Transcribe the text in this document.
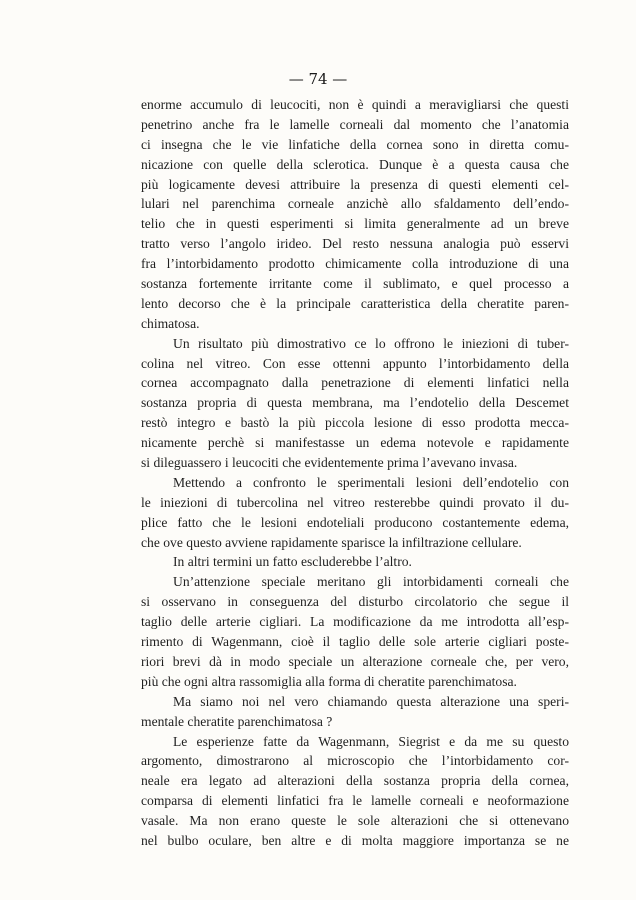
— 74 —
enorme accumulo di leucociti, non è quindi a meravigliarsi che questi
penetrino anche fra le lamelle corneali dal momento che l’anatomia
ci insegna che le vie linfatiche della cornea sono in diretta comu-
nicazione con quelle della sclerotica. Dunque è a questa causa che
più logicamente devesi attribuire la presenza di questi elementi cel-
lulari nel parenchima corneale anzichè allo sfaldamento dell’endo-
telio che in questi esperimenti si limita generalmente ad un breve
tratto verso l’angolo irideo. Del resto nessuna analogia può esservi
fra l’intorbidamento prodotto chimicamente colla introduzione di una
sostanza fortemente irritante come il sublimato, e quel processo a
lento decorso che è la principale caratteristica della cheratite paren-
chimatosa.
Un risultato più dimostrativo ce lo offrono le iniezioni di tuber-
colina nel vitreo. Con esse ottenni appunto l’intorbidamento della
cornea accompagnato dalla penetrazione di elementi linfatici nella
sostanza propria di questa membrana, ma l’endotelio della Descemet
restò integro e bastò la più piccola lesione di esso prodotta mecca-
nicamente perchè si manifestasse un edema notevole e rapidamente
si dileguassero i leucociti che evidentemente prima l’avevano invasa.
Mettendo a confronto le sperimentali lesioni dell’endotelio con
le iniezioni di tubercolina nel vitreo resterebbe quindi provato il du-
plice fatto che le lesioni endoteliali producono costantemente edema,
che ove questo avviene rapidamente sparisce la infiltrazione cellulare.
In altri termini un fatto escluderebbe l’altro.
Un’attenzione speciale meritano gli intorbidamenti corneali che
si osservano in conseguenza del disturbo circolatorio che segue il
taglio delle arterie cigliari. La modificazione da me introdotta all’esp-
rimento di Wagenmann, cioè il taglio delle sole arterie cigliari poste-
riori brevi dà in modo speciale un alterazione corneale che, per vero,
più che ogni altra rassomiglia alla forma di cheratite parenchimatosa.
Ma siamo noi nel vero chiamando questa alterazione una speri-
mentale cheratite parenchimatosa ?
Le esperienze fatte da Wagenmann, Siegrist e da me su questo
argomento, dimostrarono al microscopio che l’intorbidamento cor-
neale era legato ad alterazioni della sostanza propria della cornea,
comparsa di elementi linfatici fra le lamelle corneali e neoformazione
vasale. Ma non erano queste le sole alterazioni che si ottenevano
nel bulbo oculare, ben altre e di molta maggiore importanza se ne
